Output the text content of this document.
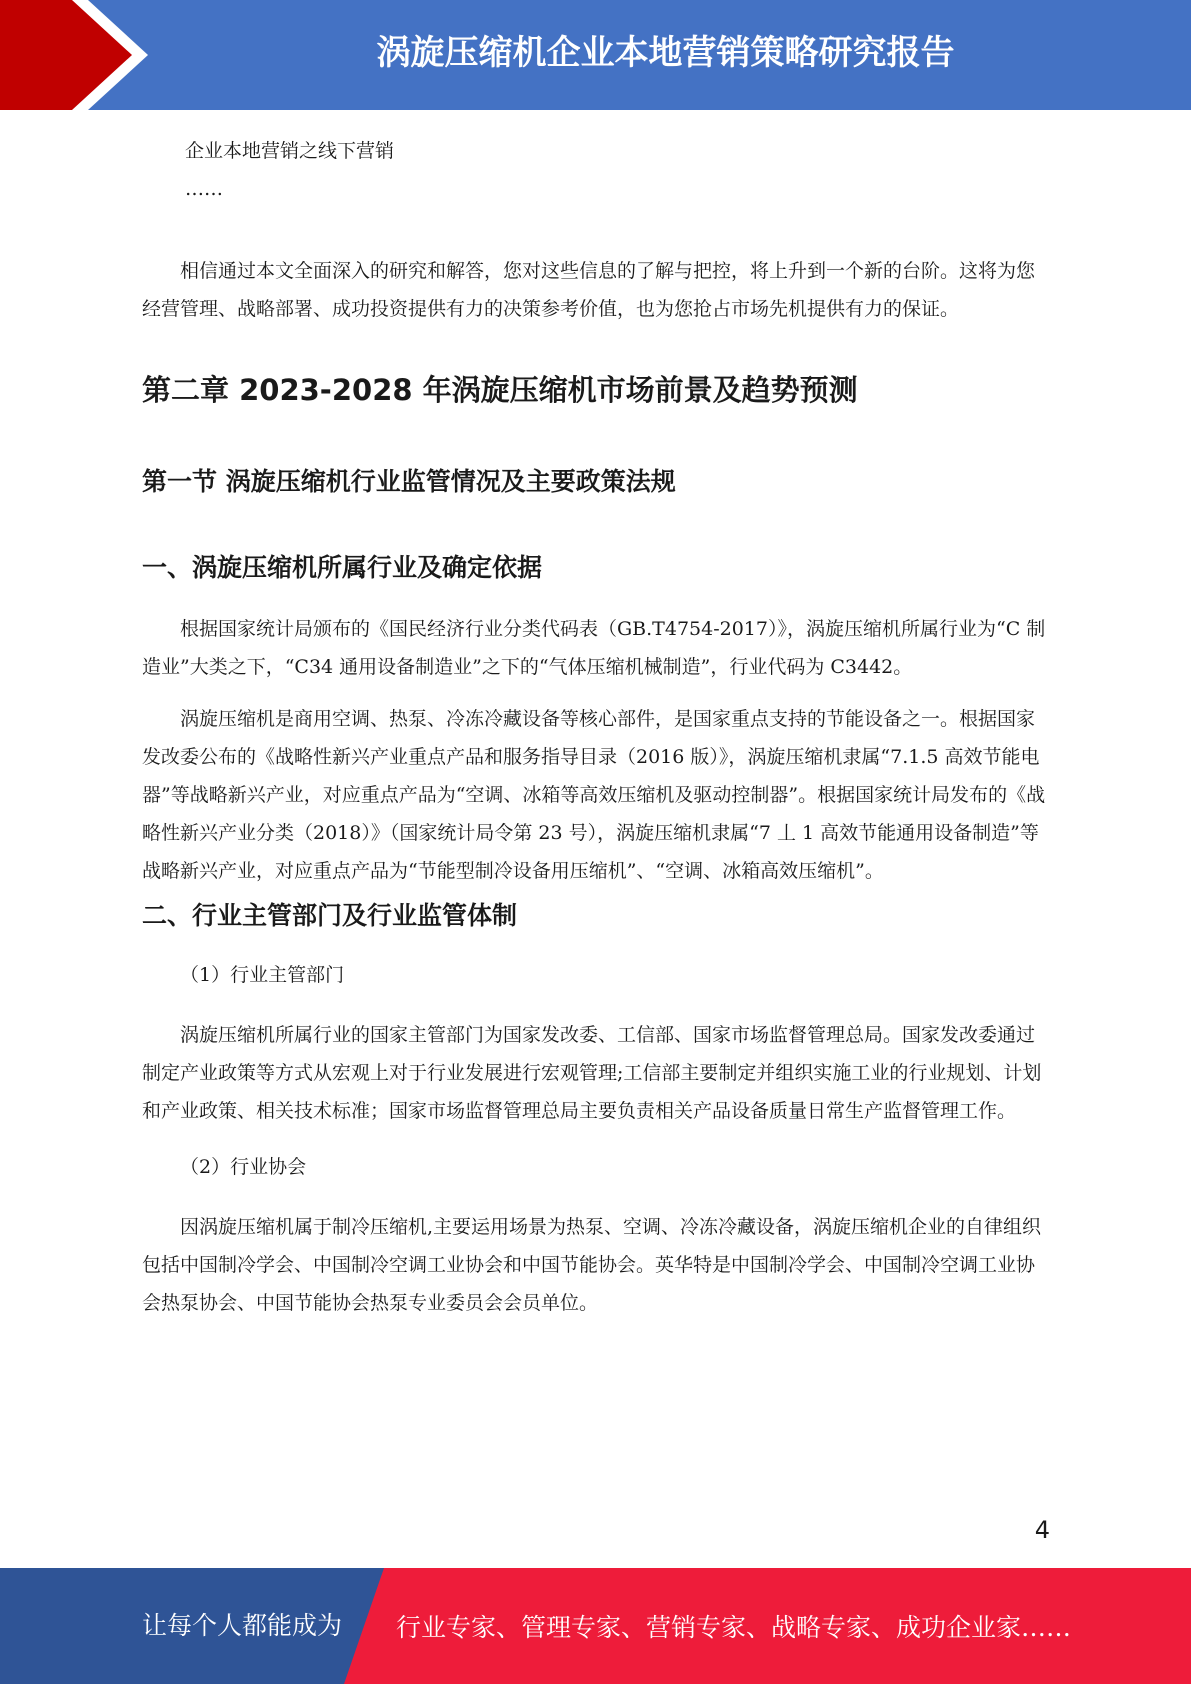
涡旋压缩机企业本地营销策略研究报告

企业本地营销之线下营销

……

相信通过本文全面深入的研究和解答，您对这些信息的了解与把控，将上升到一个新的台阶。这将为您经营管理、战略部署、成功投资提供有力的决策参考价值，也为您抢占市场先机提供有力的保证。

第二章 2023-2028 年涡旋压缩机市场前景及趋势预测
第一节 涡旋压缩机行业监管情况及主要政策法规
一、涡旋压缩机所属行业及确定依据

根据国家统计局颁布的《国民经济行业分类代码表（GB.T4754-2017）》，涡旋压缩机所属行业为“C 制造业”大类之下，“C34 通用设备制造业”之下的“气体压缩机械制造”，行业代码为 C3442。

涡旋压缩机是商用空调、热泵、冷冻冷藏设备等核心部件，是国家重点支持的节能设备之一。根据国家发改委公布的《战略性新兴产业重点产品和服务指导目录（2016 版）》，涡旋压缩机隶属“7.1.5 高效节能电器”等战略新兴产业，对应重点产品为“空调、冰箱等高效压缩机及驱动控制器”。根据国家统计局发布的《战略性新兴产业分类（2018）》（国家统计局令第 23 号），涡旋压缩机隶属“7 丄 1 高效节能通用设备制造”等战略新兴产业，对应重点产品为“节能型制冷设备用压缩机”、“空调、冰箱高效压缩机”。

二、行业主管部门及行业监管体制

（1）行业主管部门

涡旋压缩机所属行业的国家主管部门为国家发改委、工信部、国家市场监督管理总局。国家发改委通过制定产业政策等方式从宏观上对于行业发展进行宏观管理;工信部主要制定并组织实施工业的行业规划、计划和产业政策、相关技术标准；国家市场监督管理总局主要负责相关产品设备质量日常生产监督管理工作。

（2）行业协会

因涡旋压缩机属于制冷压缩机,主要运用场景为热泵、空调、冷冻冷藏设备，涡旋压缩机企业的自律组织包括中国制冷学会、中国制冷空调工业协会和中国节能协会。英华特是中国制冷学会、中国制冷空调工业协会热泵协会、中国节能协会热泵专业委员会会员单位。

4
让每个人都能成为 行业专家、管理专家、营销专家、战略专家、成功企业家……
